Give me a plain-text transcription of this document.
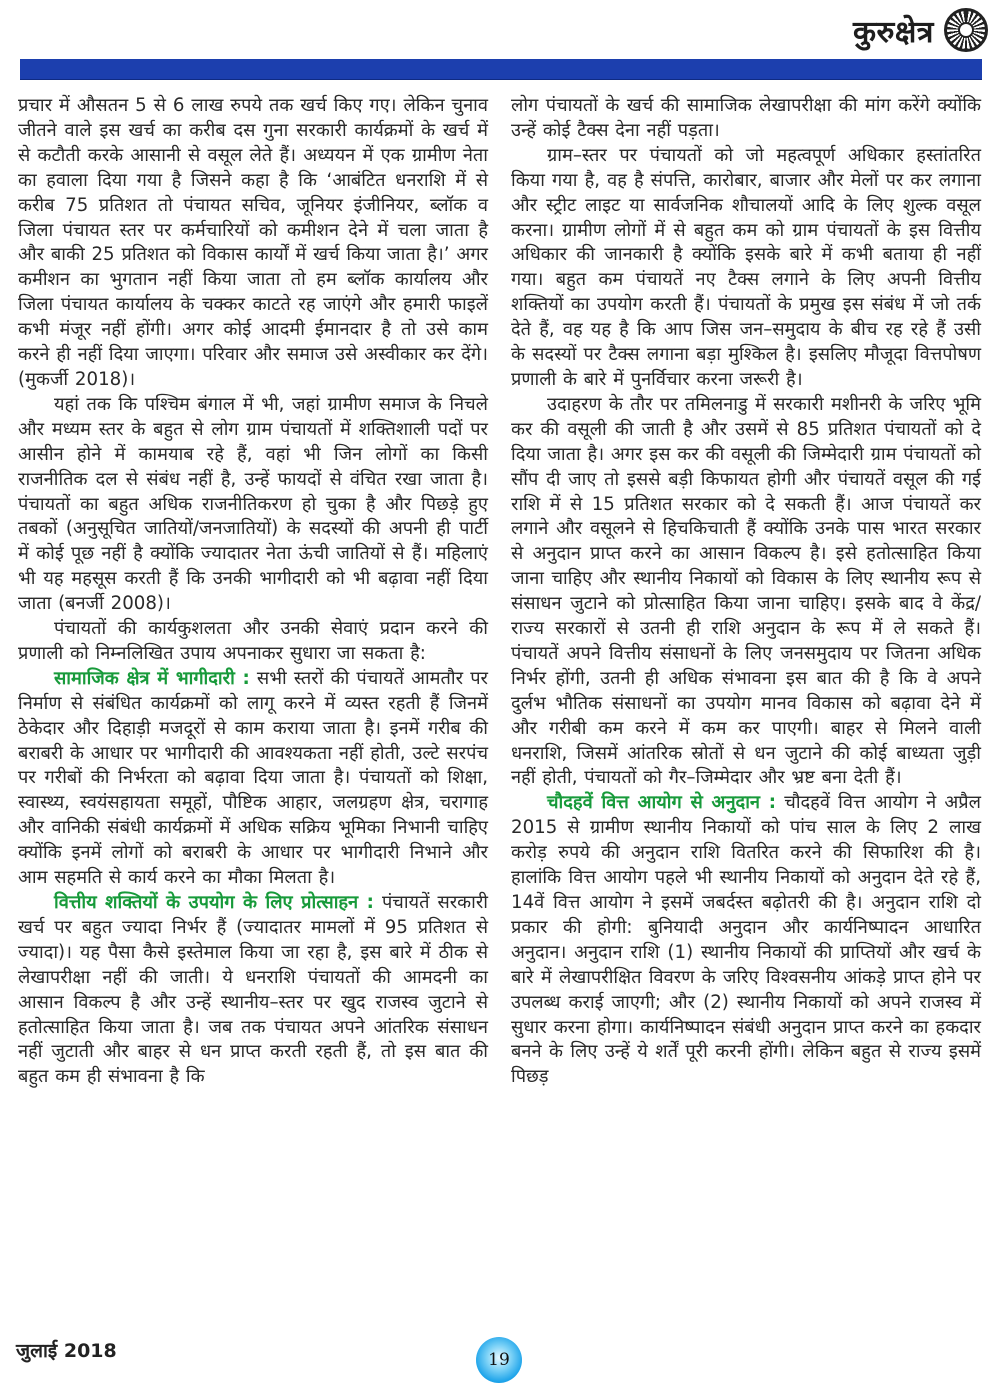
कुरुक्षेत्र

प्रचार में औसतन 5 से 6 लाख रुपये तक खर्च किए गए। लेकिन चुनाव जीतने वाले इस खर्च का करीब दस गुना सरकारी कार्यक्रमों के खर्च में से कटौती करके आसानी से वसूल लेते हैं। अध्ययन में एक ग्रामीण नेता का हवाला दिया गया है जिसने कहा है कि ‘आबंटित धनराशि में से करीब 75 प्रतिशत तो पंचायत सचिव, जूनियर इंजीनियर, ब्लॉक व जिला पंचायत स्तर पर कर्मचारियों को कमीशन देने में चला जाता है और बाकी 25 प्रतिशत को विकास कार्यों में खर्च किया जाता है।’ अगर कमीशन का भुगतान नहीं किया जाता तो हम ब्लॉक कार्यालय और जिला पंचायत कार्यालय के चक्कर काटते रह जाएंगे और हमारी फाइलें कभी मंजूर नहीं होंगी। अगर कोई आदमी ईमानदार है तो उसे काम करने ही नहीं दिया जाएगा। परिवार और समाज उसे अस्वीकार कर देंगे। (मुकर्जी 2018)।

यहां तक कि पश्चिम बंगाल में भी, जहां ग्रामीण समाज के निचले और मध्यम स्तर के बहुत से लोग ग्राम पंचायतों में शक्तिशाली पदों पर आसीन होने में कामयाब रहे हैं, वहां भी जिन लोगों का किसी राजनीतिक दल से संबंध नहीं है, उन्हें फायदों से वंचित रखा जाता है। पंचायतों का बहुत अधिक राजनीतिकरण हो चुका है और पिछड़े हुए तबकों (अनुसूचित जातियों/जनजातियों) के सदस्यों की अपनी ही पार्टी में कोई पूछ नहीं है क्योंकि ज्यादातर नेता ऊंची जातियों से हैं। महिलाएं भी यह महसूस करती हैं कि उनकी भागीदारी को भी बढ़ावा नहीं दिया जाता (बनर्जी 2008)।

पंचायतों की कार्यकुशलता और उनकी सेवाएं प्रदान करने की प्रणाली को निम्नलिखित उपाय अपनाकर सुधारा जा सकता है:

सामाजिक क्षेत्र में भागीदारी : सभी स्तरों की पंचायतें आमतौर पर निर्माण से संबंधित कार्यक्रमों को लागू करने में व्यस्त रहती हैं जिनमें ठेकेदार और दिहाड़ी मजदूरों से काम कराया जाता है। इनमें गरीब की बराबरी के आधार पर भागीदारी की आवश्यकता नहीं होती, उल्टे सरपंच पर गरीबों की निर्भरता को बढ़ावा दिया जाता है। पंचायतों को शिक्षा, स्वास्थ्य, स्वयंसहायता समूहों, पौष्टिक आहार, जलग्रहण क्षेत्र, चरागाह और वानिकी संबंधी कार्यक्रमों में अधिक सक्रिय भूमिका निभानी चाहिए क्योंकि इनमें लोगों को बराबरी के आधार पर भागीदारी निभाने और आम सहमति से कार्य करने का मौका मिलता है।

वित्तीय शक्तियों के उपयोग के लिए प्रोत्साहन : पंचायतें सरकारी खर्च पर बहुत ज्यादा निर्भर हैं (ज्यादातर मामलों में 95 प्रतिशत से ज्यादा)। यह पैसा कैसे इस्तेमाल किया जा रहा है, इस बारे में ठीक से लेखापरीक्षा नहीं की जाती। ये धनराशि पंचायतों की आमदनी का आसान विकल्प है और उन्हें स्थानीय–स्तर पर खुद राजस्व जुटाने से हतोत्साहित किया जाता है। जब तक पंचायत अपने आंतरिक संसाधन नहीं जुटाती और बाहर से धन प्राप्त करती रहती हैं, तो इस बात की बहुत कम ही संभावना है कि

लोग पंचायतों के खर्च की सामाजिक लेखापरीक्षा की मांग करेंगे क्योंकि उन्हें कोई टैक्स देना नहीं पड़ता।

ग्राम–स्तर पर पंचायतों को जो महत्वपूर्ण अधिकार हस्तांतरित किया गया है, वह है संपत्ति, कारोबार, बाजार और मेलों पर कर लगाना और स्ट्रीट लाइट या सार्वजनिक शौचालयों आदि के लिए शुल्क वसूल करना। ग्रामीण लोगों में से बहुत कम को ग्राम पंचायतों के इस वित्तीय अधिकार की जानकारी है क्योंकि इसके बारे में कभी बताया ही नहीं गया। बहुत कम पंचायतें नए टैक्स लगाने के लिए अपनी वित्तीय शक्तियों का उपयोग करती हैं। पंचायतों के प्रमुख इस संबंध में जो तर्क देते हैं, वह यह है कि आप जिस जन–समुदाय के बीच रह रहे हैं उसी के सदस्यों पर टैक्स लगाना बड़ा मुश्किल है। इसलिए मौजूदा वित्तपोषण प्रणाली के बारे में पुनर्विचार करना जरूरी है।

उदाहरण के तौर पर तमिलनाडु में सरकारी मशीनरी के जरिए भूमि कर की वसूली की जाती है और उसमें से 85 प्रतिशत पंचायतों को दे दिया जाता है। अगर इस कर की वसूली की जिम्मेदारी ग्राम पंचायतों को सौंप दी जाए तो इससे बड़ी किफायत होगी और पंचायतें वसूल की गई राशि में से 15 प्रतिशत सरकार को दे सकती हैं। आज पंचायतें कर लगाने और वसूलने से हिचकिचाती हैं क्योंकि उनके पास भारत सरकार से अनुदान प्राप्त करने का आसान विकल्प है। इसे हतोत्साहित किया जाना चाहिए और स्थानीय निकायों को विकास के लिए स्थानीय रूप से संसाधन जुटाने को प्रोत्साहित किया जाना चाहिए। इसके बाद वे केंद्र/राज्य सरकारों से उतनी ही राशि अनुदान के रूप में ले सकते हैं। पंचायतें अपने वित्तीय संसाधनों के लिए जनसमुदाय पर जितना अधिक निर्भर होंगी, उतनी ही अधिक संभावना इस बात की है कि वे अपने दुर्लभ भौतिक संसाधनों का उपयोग मानव विकास को बढ़ावा देने में और गरीबी कम करने में कम कर पाएगी। बाहर से मिलने वाली धनराशि, जिसमें आंतरिक स्रोतों से धन जुटाने की कोई बाध्यता जुड़ी नहीं होती, पंचायतों को गैर–जिम्मेदार और भ्रष्ट बना देती हैं।

चौदहवें वित्त आयोग से अनुदान : चौदहवें वित्त आयोग ने अप्रैल 2015 से ग्रामीण स्थानीय निकायों को पांच साल के लिए 2 लाख करोड़ रुपये की अनुदान राशि वितरित करने की सिफारिश की है। हालांकि वित्त आयोग पहले भी स्थानीय निकायों को अनुदान देते रहे हैं, 14वें वित्त आयोग ने इसमें जबर्दस्त बढ़ोतरी की है। अनुदान राशि दो प्रकार की होगी: बुनियादी अनुदान और कार्यनिष्पादन आधारित अनुदान। अनुदान राशि (1) स्थानीय निकायों की प्राप्तियों और खर्च के बारे में लेखापरीक्षित विवरण के जरिए विश्वसनीय आंकड़े प्राप्त होने पर उपलब्ध कराई जाएगी; और (2) स्थानीय निकायों को अपने राजस्व में सुधार करना होगा। कार्यनिष्पादन संबंधी अनुदान प्राप्त करने का हकदार बनने के लिए उन्हें ये शर्तें पूरी करनी होंगी। लेकिन बहुत से राज्य इसमें पिछड़

जुलाई 2018	19
